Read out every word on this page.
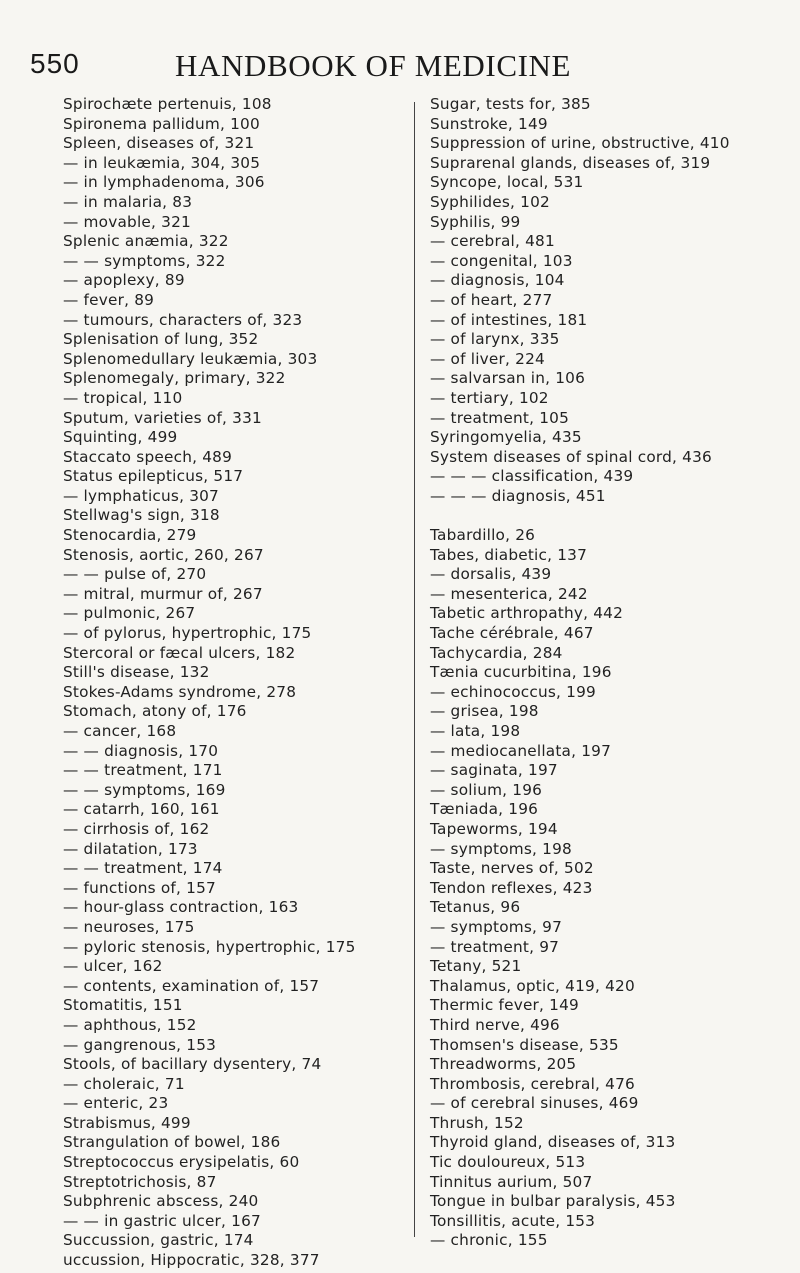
550	HANDBOOK OF MEDICINE
Spirochæte pertenuis, 108
Spironema pallidum, 100
Spleen, diseases of, 321
— in leukæmia, 304, 305
— in lymphadenoma, 306
— in malaria, 83
— movable, 321
Splenic anæmia, 322
— — symptoms, 322
— apoplexy, 89
— fever, 89
— tumours, characters of, 323
Splenisation of lung, 352
Splenomedullary leukæmia, 303
Splenomegaly, primary, 322
— tropical, 110
Sputum, varieties of, 331
Squinting, 499
Staccato speech, 489
Status epilepticus, 517
— lymphaticus, 307
Stellwag's sign, 318
Stenocardia, 279
Stenosis, aortic, 260, 267
— — pulse of, 270
— mitral, murmur of, 267
— pulmonic, 267
— of pylorus, hypertrophic, 175
Stercoral or fæcal ulcers, 182
Still's disease, 132
Stokes-Adams syndrome, 278
Stomach, atony of, 176
— cancer, 168
— — diagnosis, 170
— — treatment, 171
— — symptoms, 169
— catarrh, 160, 161
— cirrhosis of, 162
— dilatation, 173
— — treatment, 174
— functions of, 157
— hour-glass contraction, 163
— neuroses, 175
— pyloric stenosis, hypertrophic, 175
— ulcer, 162
— contents, examination of, 157
Stomatitis, 151
— aphthous, 152
— gangrenous, 153
Stools, of bacillary dysentery, 74
— choleraic, 71
— enteric, 23
Strabismus, 499
Strangulation of bowel, 186
Streptococcus erysipelatis, 60
Streptotrichosis, 87
Subphrenic abscess, 240
— — in gastric ulcer, 167
Succussion, gastric, 174
uccussion, Hippocratic, 328, 377
Sugar, tests for, 385
Sunstroke, 149
Suppression of urine, obstructive, 410
Suprarenal glands, diseases of, 319
Syncope, local, 531
Syphilides, 102
Syphilis, 99
— cerebral, 481
— congenital, 103
— diagnosis, 104
— of heart, 277
— of intestines, 181
— of larynx, 335
— of liver, 224
— salvarsan in, 106
— tertiary, 102
— treatment, 105
Syringomyelia, 435
System diseases of spinal cord, 436
— — — classification, 439
— — — diagnosis, 451
Tabardillo, 26
Tabes, diabetic, 137
— dorsalis, 439
— mesenterica, 242
Tabetic arthropathy, 442
Tache cérébrale, 467
Tachycardia, 284
Tænia cucurbitina, 196
— echinococcus, 199
— grisea, 198
— lata, 198
— mediocanellata, 197
— saginata, 197
— solium, 196
Tæniada, 196
Tapeworms, 194
— symptoms, 198
Taste, nerves of, 502
Tendon reflexes, 423
Tetanus, 96
— symptoms, 97
— treatment, 97
Tetany, 521
Thalamus, optic, 419, 420
Thermic fever, 149
Third nerve, 496
Thomsen's disease, 535
Threadworms, 205
Thrombosis, cerebral, 476
— of cerebral sinuses, 469
Thrush, 152
Thyroid gland, diseases of, 313
Tic douloureux, 513
Tinnitus aurium, 507
Tongue in bulbar paralysis, 453
Tonsillitis, acute, 153
— chronic, 155
